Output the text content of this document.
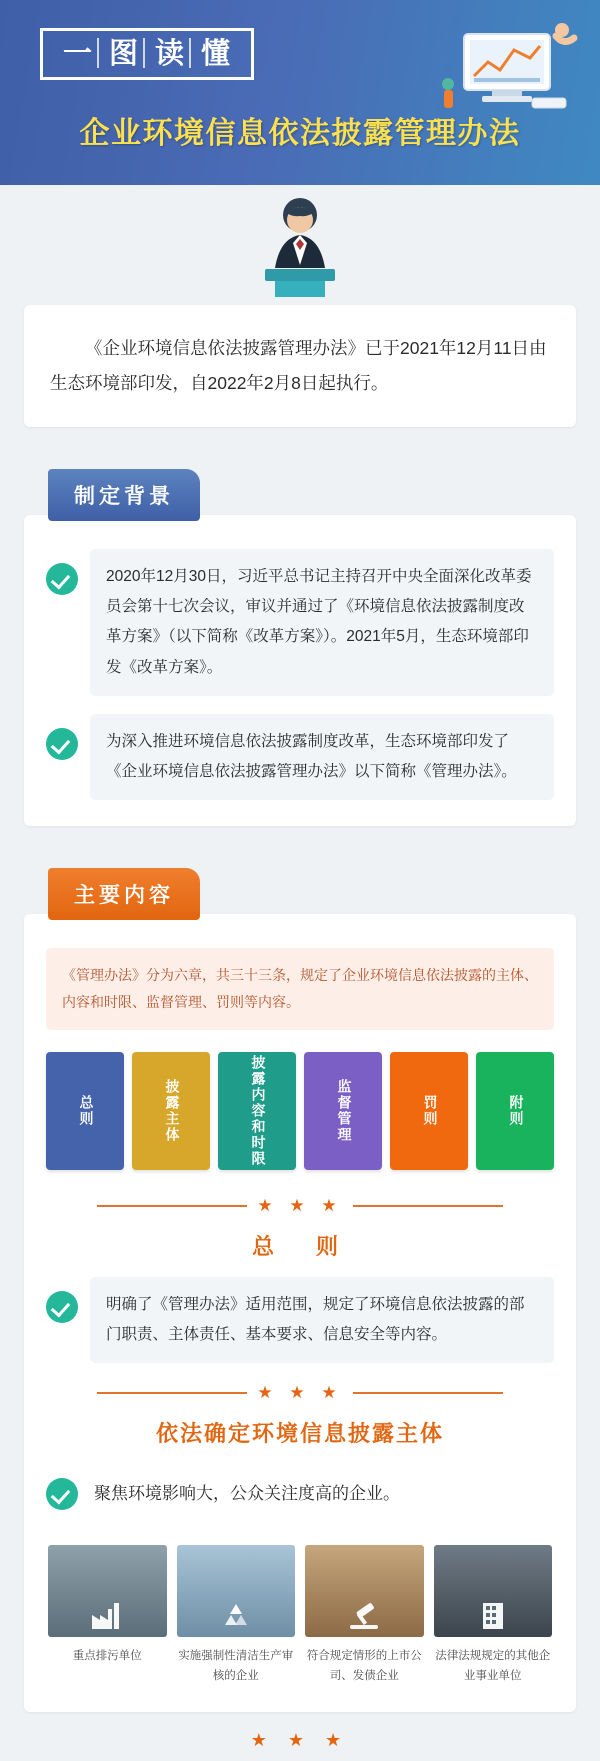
一 图 读 懂
企业环境信息依法披露管理办法
《企业环境信息依法披露管理办法》已于2021年12月11日由生态环境部印发，自2022年2月8日起执行。
制定背景
2020年12月30日，习近平总书记主持召开中央全面深化改革委员会第十七次会议，审议并通过了《环境信息依法披露制度改革方案》（以下简称《改革方案》）。2021年5月，生态环境部印发《改革方案》。
为深入推进环境信息依法披露制度改革，生态环境部印发了《企业环境信息依法披露管理办法》以下简称《管理办法》。
主要内容
《管理办法》分为六章，共三十三条，规定了企业环境信息依法披露的主体、内容和时限、监督管理、罚则等内容。
总则	披露主体	披露内容和时限	监督管理	罚则	附则
★ ★ ★
总　则
明确了《管理办法》适用范围，规定了环境信息依法披露的部门职责、主体责任、基本要求、信息安全等内容。
★ ★ ★
依法确定环境信息披露主体
聚焦环境影响大，公众关注度高的企业。
重点排污单位	实施强制性清洁生产审核的企业
符合规定情形的上市公司、发债企业
法律法规规定的其他企业事业单位
★ ★ ★
